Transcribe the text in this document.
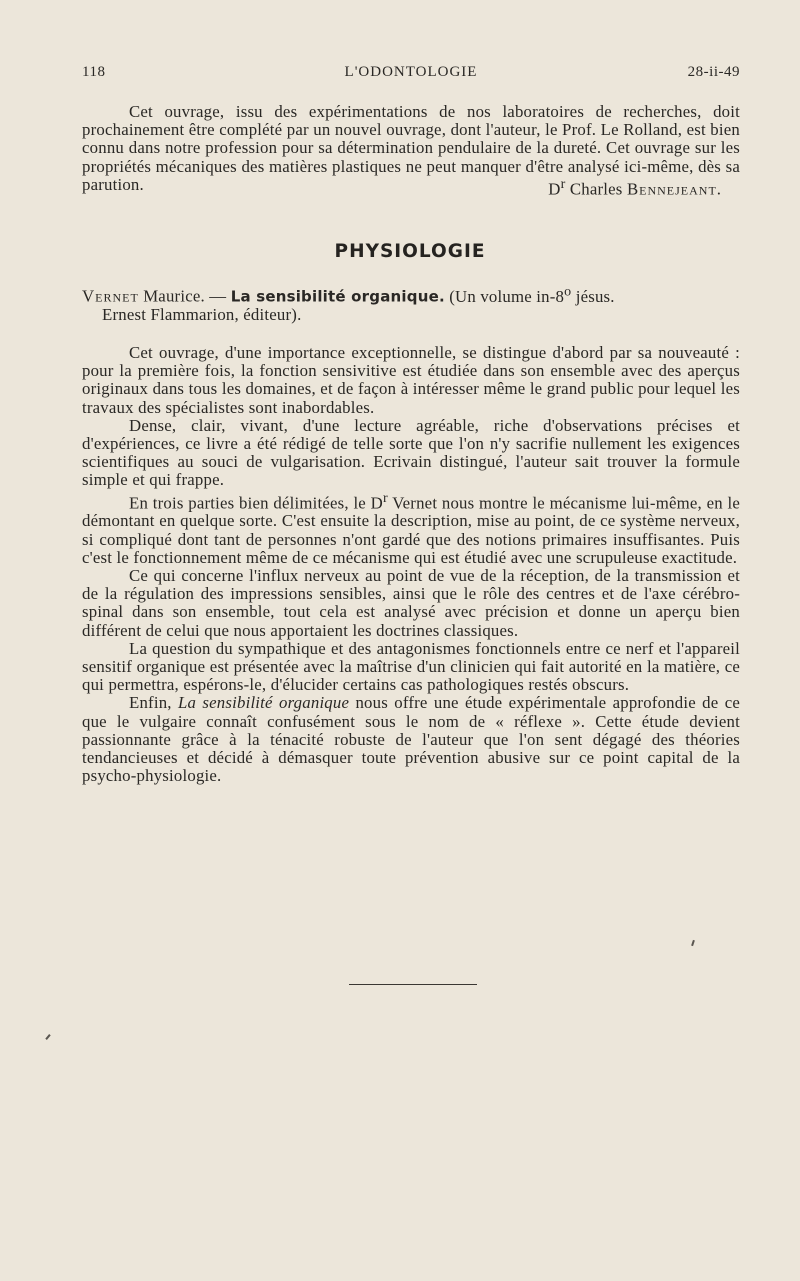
118	L'ODONTOLOGIE	28-ii-49

Cet ouvrage, issu des expérimentations de nos laboratoires de recherches, doit prochainement être complété par un nouvel ouvrage, dont l'auteur, le Prof. Le Rolland, est bien connu dans notre profession pour sa détermination pendulaire de la dureté. Cet ouvrage sur les propriétés mécaniques des matières plastiques ne peut manquer d'être analysé ici-même, dès sa parution.	$D^r$ Charles Bennejeant.
PHYSIOLOGIE

Vernet Maurice. — La sensibilité organique. (Un volume in-8$^o$ jésus.
Ernest Flammarion, éditeur).

Cet ouvrage, d'une importance exceptionnelle, se distingue d'abord par sa nouveauté : pour la première fois, la fonction sensivitive est étudiée dans son ensemble avec des aperçus originaux dans tous les domaines, et de façon à intéresser même le grand public pour lequel les travaux des spécialistes sont inabordables.

Dense, clair, vivant, d'une lecture agréable, riche d'observations précises et d'expériences, ce livre a été rédigé de telle sorte que l'on n'y sacrifie nullement les exigences scientifiques au souci de vulgarisation. Ecrivain distingué, l'auteur sait trouver la formule simple et qui frappe.

En trois parties bien délimitées, le $D^r$ Vernet nous montre le mécanisme lui-même, en le démontant en quelque sorte. C'est ensuite la description, mise au point, de ce système nerveux, si compliqué dont tant de personnes n'ont gardé que des notions primaires insuffisantes. Puis c'est le fonctionnement même de ce mécanisme qui est étudié avec une scrupuleuse exactitude.

Ce qui concerne l'influx nerveux au point de vue de la réception, de la transmission et de la régulation des impressions sensibles, ainsi que le rôle des centres et de l'axe cérébro-spinal dans son ensemble, tout cela est analysé avec précision et donne un aperçu bien différent de celui que nous apportaient les doctrines classiques.

La question du sympathique et des antagonismes fonctionnels entre ce nerf et l'appareil sensitif organique est présentée avec la maîtrise d'un clinicien qui fait autorité en la matière, ce qui permettra, espérons-le, d'élucider certains cas pathologiques restés obscurs.

Enfin, La sensibilité organique nous offre une étude expérimentale approfondie de ce que le vulgaire connaît confusément sous le nom de « réflexe ». Cette étude devient passionnante grâce à la ténacité robuste de l'auteur que l'on sent dégagé des théories tendancieuses et décidé à démasquer toute prévention abusive sur ce point capital de la psycho-physiologie.
